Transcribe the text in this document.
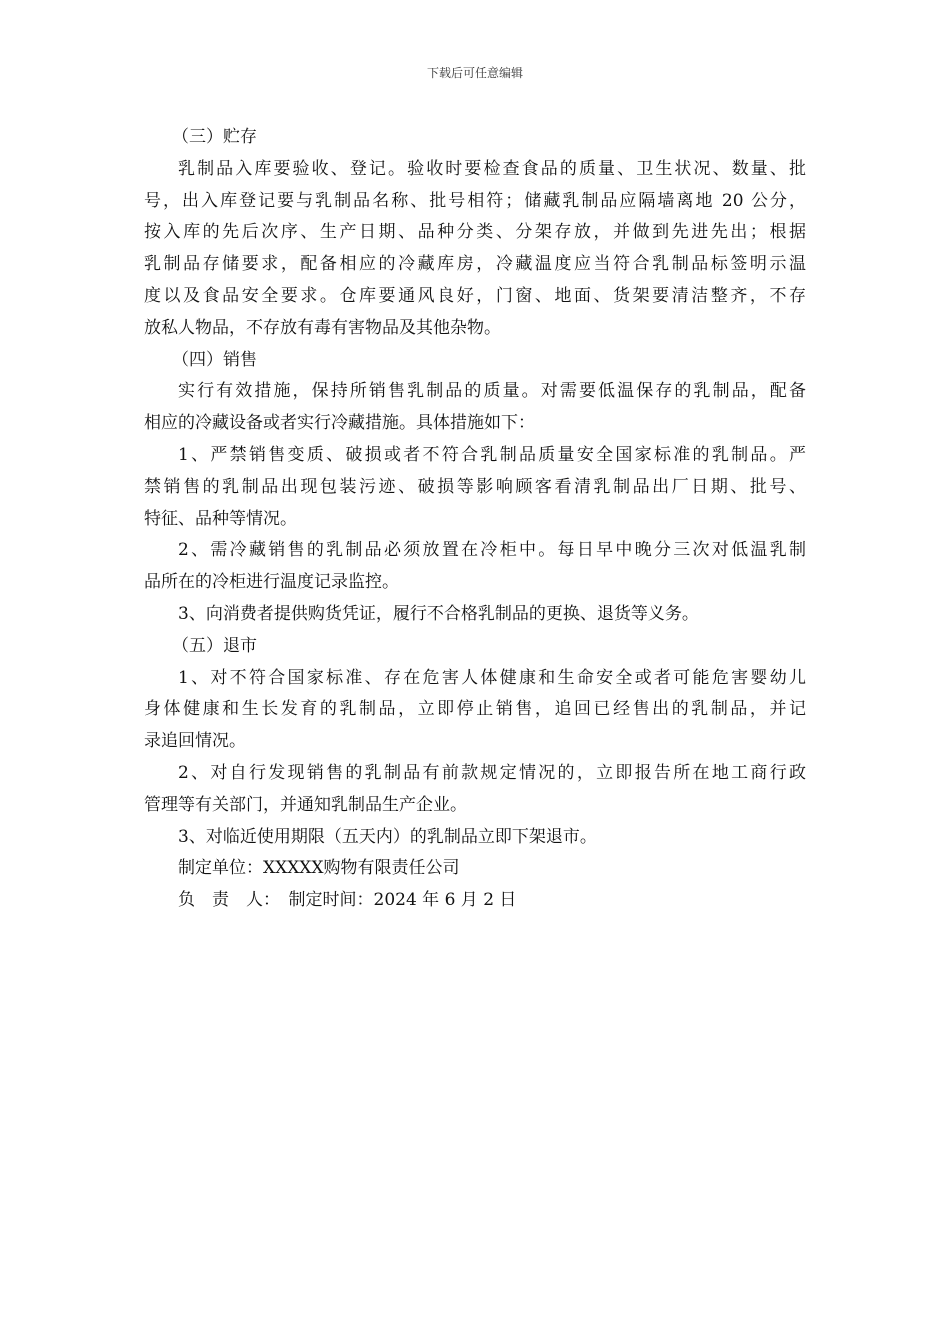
下载后可任意编辑
（三）贮存
乳制品入库要验收、登记。验收时要检查食品的质量、卫生状况、数量、批
号，出入库登记要与乳制品名称、批号相符；储藏乳制品应隔墙离地 20 公分，
按入库的先后次序、生产日期、品种分类、分架存放，并做到先进先出；根据
乳制品存储要求，配备相应的冷藏库房，冷藏温度应当符合乳制品标签明示温
度以及食品安全要求。仓库要通风良好，门窗、地面、货架要清洁整齐，不存
放私人物品，不存放有毒有害物品及其他杂物。
（四）销售
实行有效措施，保持所销售乳制品的质量。对需要低温保存的乳制品，配备
相应的冷藏设备或者实行冷藏措施。具体措施如下：
1、严禁销售变质、破损或者不符合乳制品质量安全国家标准的乳制品。严
禁销售的乳制品出现包装污迹、破损等影响顾客看清乳制品出厂日期、批号、
特征、品种等情况。
2、需冷藏销售的乳制品必须放置在冷柜中。每日早中晚分三次对低温乳制
品所在的冷柜进行温度记录监控。
3、向消费者提供购货凭证，履行不合格乳制品的更换、退货等义务。
（五）退市
1、对不符合国家标准、存在危害人体健康和生命安全或者可能危害婴幼儿
身体健康和生长发育的乳制品，立即停止销售，追回已经售出的乳制品，并记
录追回情况。
2、对自行发现销售的乳制品有前款规定情况的，立即报告所在地工商行政
管理等有关部门，并通知乳制品生产企业。
3、对临近使用期限（五天内）的乳制品立即下架退市。
制定单位：XXXXX购物有限责任公司
负　责　人：　制定时间：2024 年 6 月 2 日
